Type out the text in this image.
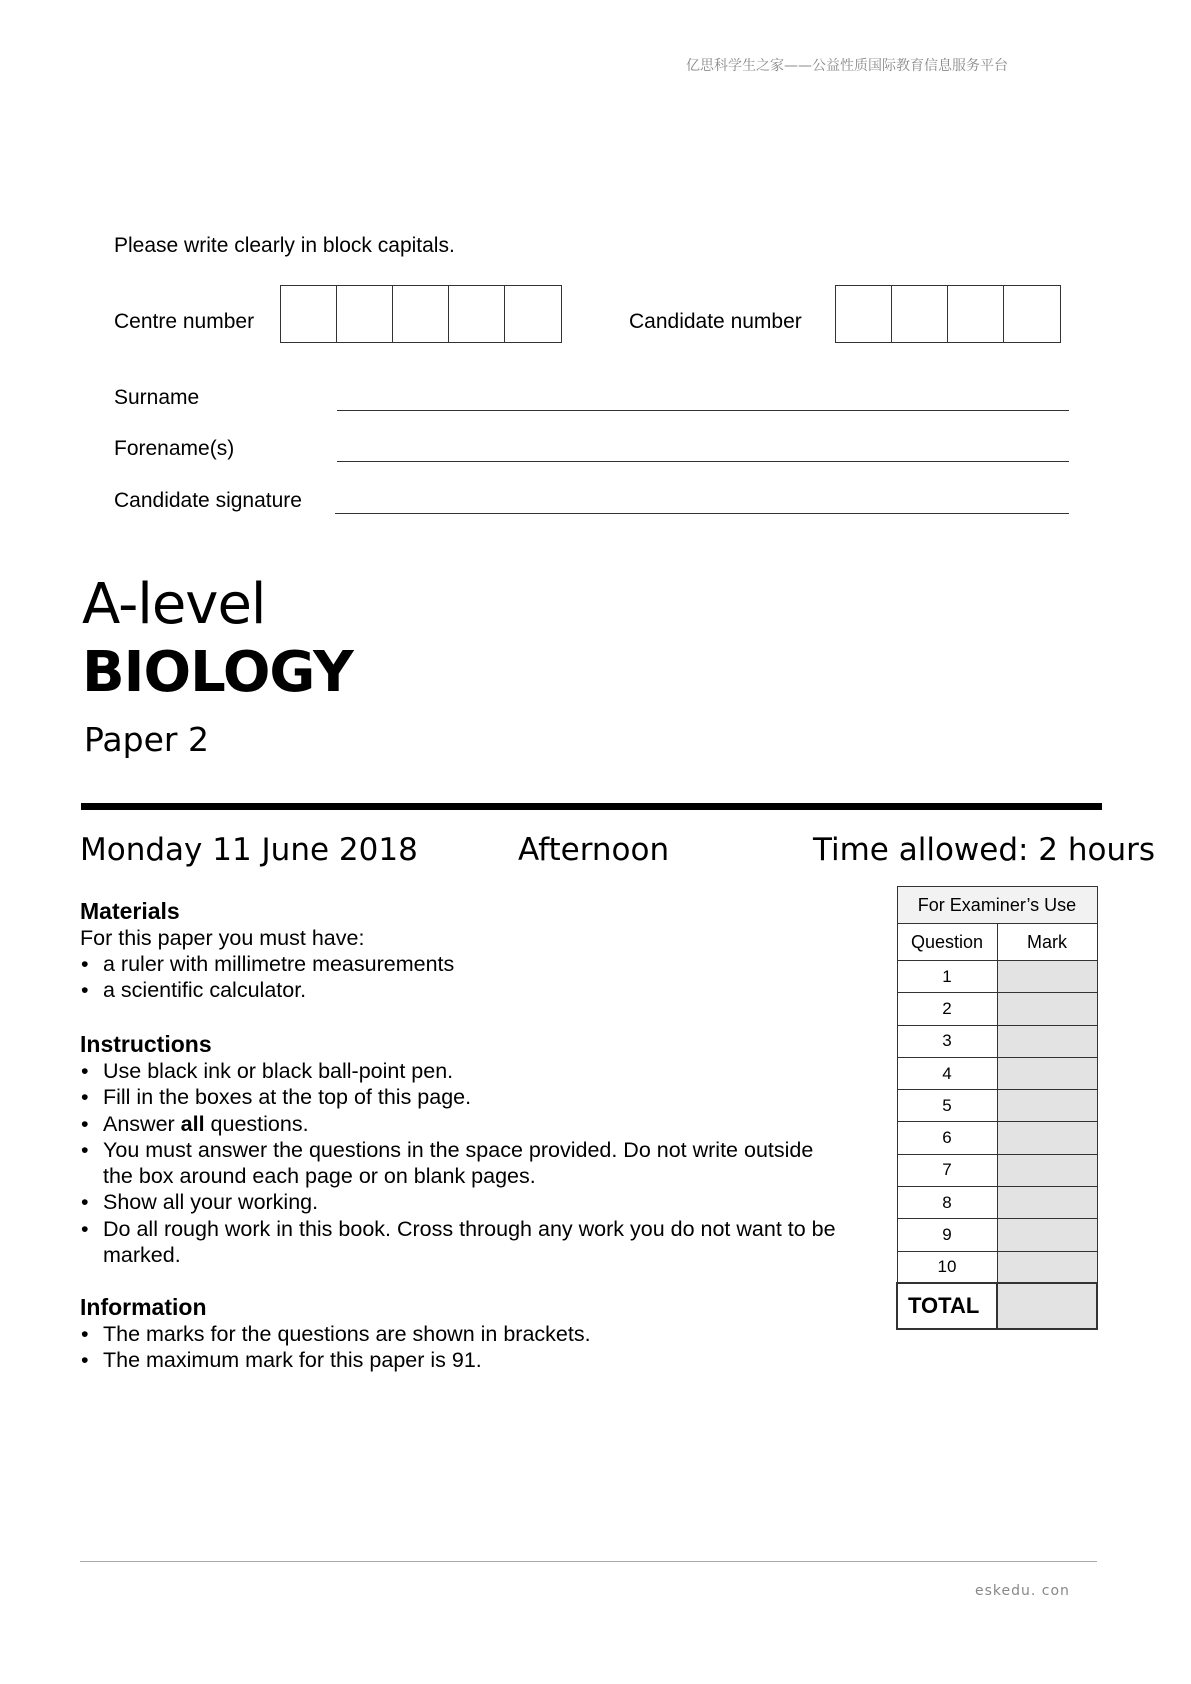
亿思科学生之家——公益性质国际教育信息服务平台
Please write clearly in block capitals.
Centre number	Candidate number
Surname
Forename(s)
Candidate signature
A-level
BIOLOGY
Paper 2
Monday 11 June 2018	Afternoon	Time allowed: 2 hours
Materials
For this paper you must have:
• a ruler with millimetre measurements
• a scientific calculator.
Instructions
• Use black ink or black ball-point pen.
• Fill in the boxes at the top of this page.
• Answer all questions.
• You must answer the questions in the space provided. Do not write outside the box around each page or on blank pages.
• Show all your working.
• Do all rough work in this book. Cross through any work you do not want to be marked.
Information
• The marks for the questions are shown in brackets.
• The maximum mark for this paper is 91.
For Examiner’s Use	
Question	Mark
1	
2	
3	
4	
5	
6	
7	
8	
9	
10	
TOTAL	
eskedu. con
